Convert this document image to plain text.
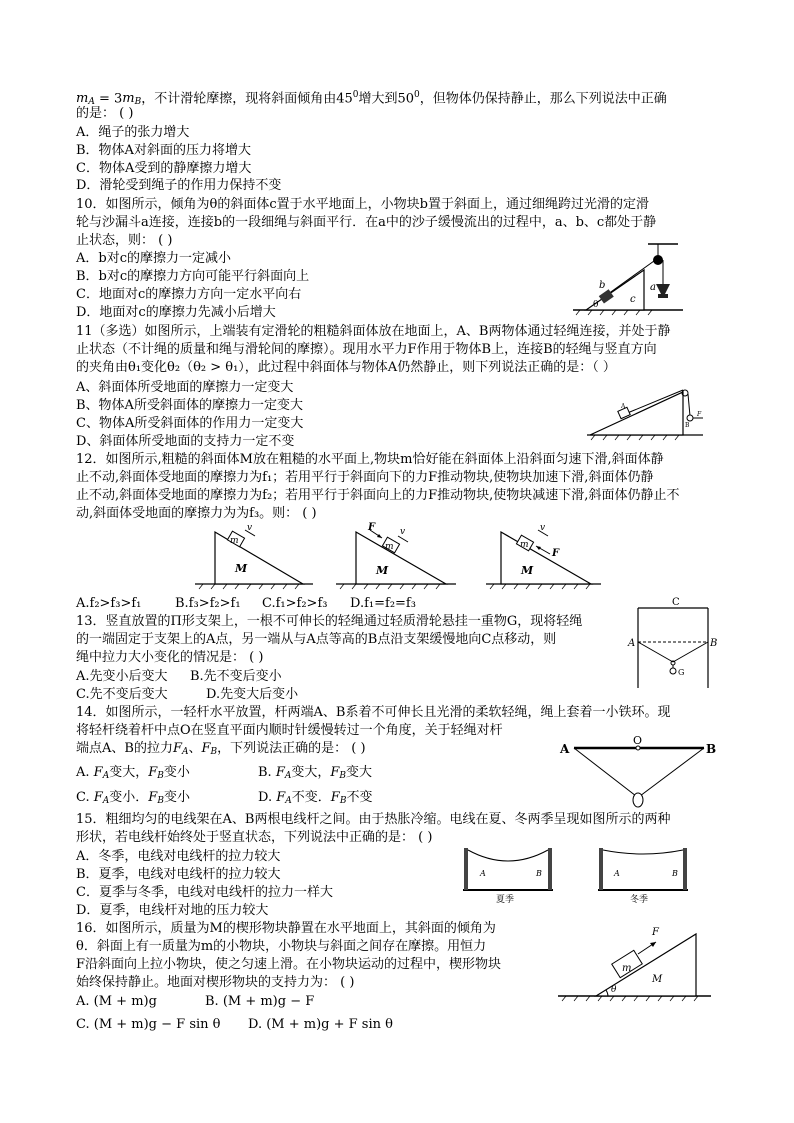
$m_A = 3m_B$，不计滑轮摩擦，现将斜面倾角由$45^0$增大到$50^0$，但物体仍保持静止，那么下列说法中正确
的是： ( )
A．绳子的张力增大
B．物体A对斜面的压力将增大
C．物体A受到的静摩擦力增大
D．滑轮受到绳子的作用力保持不变
10．如图所示，倾角为θ的斜面体c置于水平地面上，小物块b置于斜面上，通过细绳跨过光滑的定滑
轮与沙漏斗a连接，连接b的一段细绳与斜面平行．在a中的沙子缓慢流出的过程中，a、b、c都处于静
止状态，则： ( )
A．b对c的摩擦力一定减小
B．b对c的摩擦力方向可能平行斜面向上
C．地面对c的摩擦力方向一定水平向右
D．地面对c的摩擦力先减小后增大
b
θ	c
a
11（多选）如图所示，上端装有定滑轮的粗糙斜面体放在地面上，A、B两物体通过轻绳连接，并处于静
止状态（不计绳的质量和绳与滑轮间的摩擦）。现用水平力F作用于物体B上，连接B的轻绳与竖直方向
的夹角由θ₁变化θ₂（θ₂ > θ₁），此过程中斜面体与物体A仍然静止，则下列说法正确的是：（ ）
A、斜面体所受地面的摩擦力一定变大
B、物体A所受斜面体的摩擦力一定变大
C、物体A所受斜面体的作用力一定变大
D、斜面体所受地面的支持力一定不变
A
B
F
12．如图所示,粗糙的斜面体M放在粗糙的水平面上,物块m恰好能在斜面体上沿斜面匀速下滑,斜面体静
止不动,斜面体受地面的摩擦力为f₁；若用平行于斜面向下的力F推动物块,使物块加速下滑,斜面体仍静
止不动,斜面体受地面的摩擦力为f₂；若用平行于斜面向上的力F推动物块,使物块减速下滑,斜面体仍静止不
动,斜面体受地面的摩擦力为为f₃。则： ( )
m
v
M
F
m
v
M
F
m
v
M
A.f₂>f₃>f₁	B.f₃>f₂>f₁ C.f₁>f₂>f₃ D.f₁=f₂=f₃
13．竖直放置的Π形支架上，一根不可伸长的轻绳通过轻质滑轮悬挂一重物G，现将轻绳
的一端固定于支架上的A点，另一端从与A点等高的B点沿支架缓慢地向C点移动，则
绳中拉力大小变化的情况是： ( )
A.先变小后变大 B.先不变后变小
C.先不变后变大	D.先变大后变小
C
A	B
G
14．如图所示，一轻杆水平放置，杆两端A、B系着不可伸长且光滑的柔软轻绳，绳上套着一小铁环。现
将轻杆绕着杆中点O在竖直平面内顺时针缓慢转过一个角度，关于轻绳对杆
端点A、B的拉力$F_A$、$F_B$，下列说法正确的是： ( )
A. $F_A$变大，$F_B$变小	B. $F_A$变大，$F_B$变大
C. $F_A$变小．$F_B$变小	D. $F_A$不变．$F_B$不变
A
O
B
15．粗细均匀的电线架在A、B两根电线杆之间。由于热胀冷缩。电线在夏、冬两季呈现如图所示的两种
形状，若电线杆始终处于竖直状态，下列说法中正确的是： ( )
A．冬季，电线对电线杆的拉力较大
B．夏季，电线对电线杆的拉力较大
C．夏季与冬季，电线对电线杆的拉力一样大
D．夏季，电线杆对地的压力较大
A	B
夏季
A	B
冬季
16．如图所示，质量为M的楔形物块静置在水平地面上，其斜面的倾角为
θ．斜面上有一质量为m的小物块，小物块与斜面之间存在摩擦。用恒力
F沿斜面向上拉小物块，使之匀速上滑。在小物块运动的过程中，楔形物块
始终保持静止。地面对楔形物块的支持力为： ( )
A. (M + m)g	B. (M + m)g − F
C. (M + m)g − F sin θ D. (M + m)g + F sin θ
F
m
M
θ
